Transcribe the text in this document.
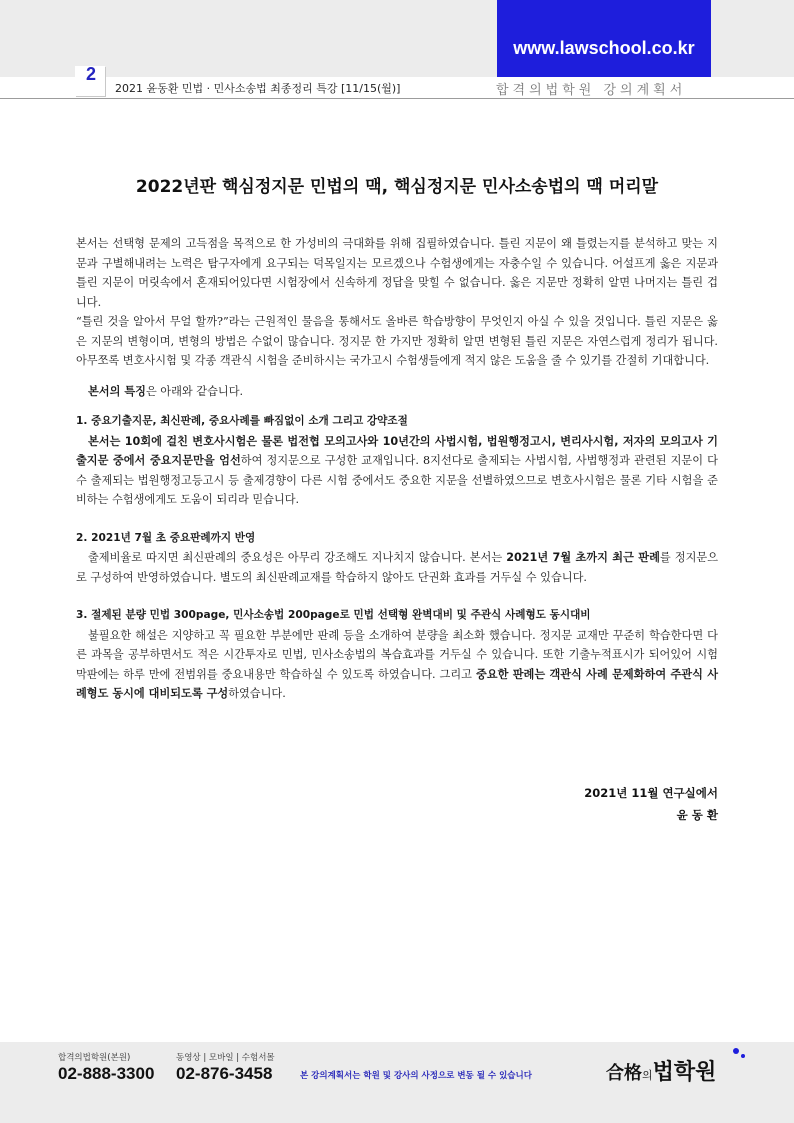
www.lawschool.co.kr
2
2021 윤동환 민법 · 민사소송법 최종정리 특강 [11/15(월)]	합격의법학원 강의계획서
2022년판 핵심정지문 민법의 맥, 핵심정지문 민사소송법의 맥 머리말

본서는 선택형 문제의 고득점을 목적으로 한 가성비의 극대화를 위해 집필하였습니다. 틀린 지문이 왜 틀렸는지를 분석하고 맞는 지문과 구별해내려는 노력은 탐구자에게 요구되는 덕목일지는 모르겠으나 수험생에게는 자충수일 수 있습니다. 어설프게 옳은 지문과 틀린 지문이 머릿속에서 혼재되어있다면 시험장에서 신속하게 정답을 맞힐 수 없습니다. 옳은 지문만 정확히 알면 나머지는 틀린 겁니다.

“틀린 것을 알아서 무얼 할까?”라는 근원적인 물음을 통해서도 올바른 학습방향이 무엇인지 아실 수 있을 것입니다. 틀린 지문은 옳은 지문의 변형이며, 변형의 방법은 수없이 많습니다. 정지문 한 가지만 정확히 알면 변형된 틀린 지문은 자연스럽게 정리가 됩니다. 아무쪼록 변호사시험 및 각종 객관식 시험을 준비하시는 국가고시 수험생들에게 적지 않은 도움을 줄 수 있기를 간절히 기대합니다.

본서의 특징은 아래와 같습니다.

1. 중요기출지문, 최신판례, 중요사례를 빠짐없이 소개 그리고 강약조절

본서는 10회에 걸친 변호사시험은 물론 법전협 모의고사와 10년간의 사법시험, 법원행정고시, 변리사시험, 저자의 모의고사 기출지문 중에서 중요지문만을 엄선하여 정지문으로 구성한 교재입니다. 8지선다로 출제되는 사법시험, 사법행정과 관련된 지문이 다수 출제되는 법원행정고등고시 등 출제경향이 다른 시험 중에서도 중요한 지문을 선별하였으므로 변호사시험은 물론 기타 시험을 준비하는 수험생에게도 도움이 되리라 믿습니다.

2. 2021년 7월 초 중요판례까지 반영

출제비율로 따지면 최신판례의 중요성은 아무리 강조해도 지나치지 않습니다. 본서는 2021년 7월 초까지 최근 판례를 정지문으로 구성하여 반영하였습니다. 별도의 최신판례교재를 학습하지 않아도 단권화 효과를 거두실 수 있습니다.

3. 절제된 분량 민법 300page, 민사소송법 200page로 민법 선택형 완벽대비 및 주관식 사례형도 동시대비

불필요한 해설은 지양하고 꼭 필요한 부분에만 판례 등을 소개하여 분량을 최소화 했습니다. 정지문 교재만 꾸준히 학습한다면 다른 과목을 공부하면서도 적은 시간투자로 민법, 민사소송법의 복습효과를 거두실 수 있습니다. 또한 기출누적표시가 되어있어 시험 막판에는 하루 만에 전범위를 중요내용만 학습하실 수 있도록 하였습니다. 그리고 중요한 판례는 객관식 사례 문제화하여 주관식 사례형도 동시에 대비되도록 구성하였습니다.

2021년 11월 연구실에서
윤 동 환
합격의법학원(본원)	동영상 | 모바일 | 수험서몰
02-888-3300 02-876-3458	본 강의계획서는 학원 및 강사의 사정으로 변동 될 수 있습니다	合格의법학원
